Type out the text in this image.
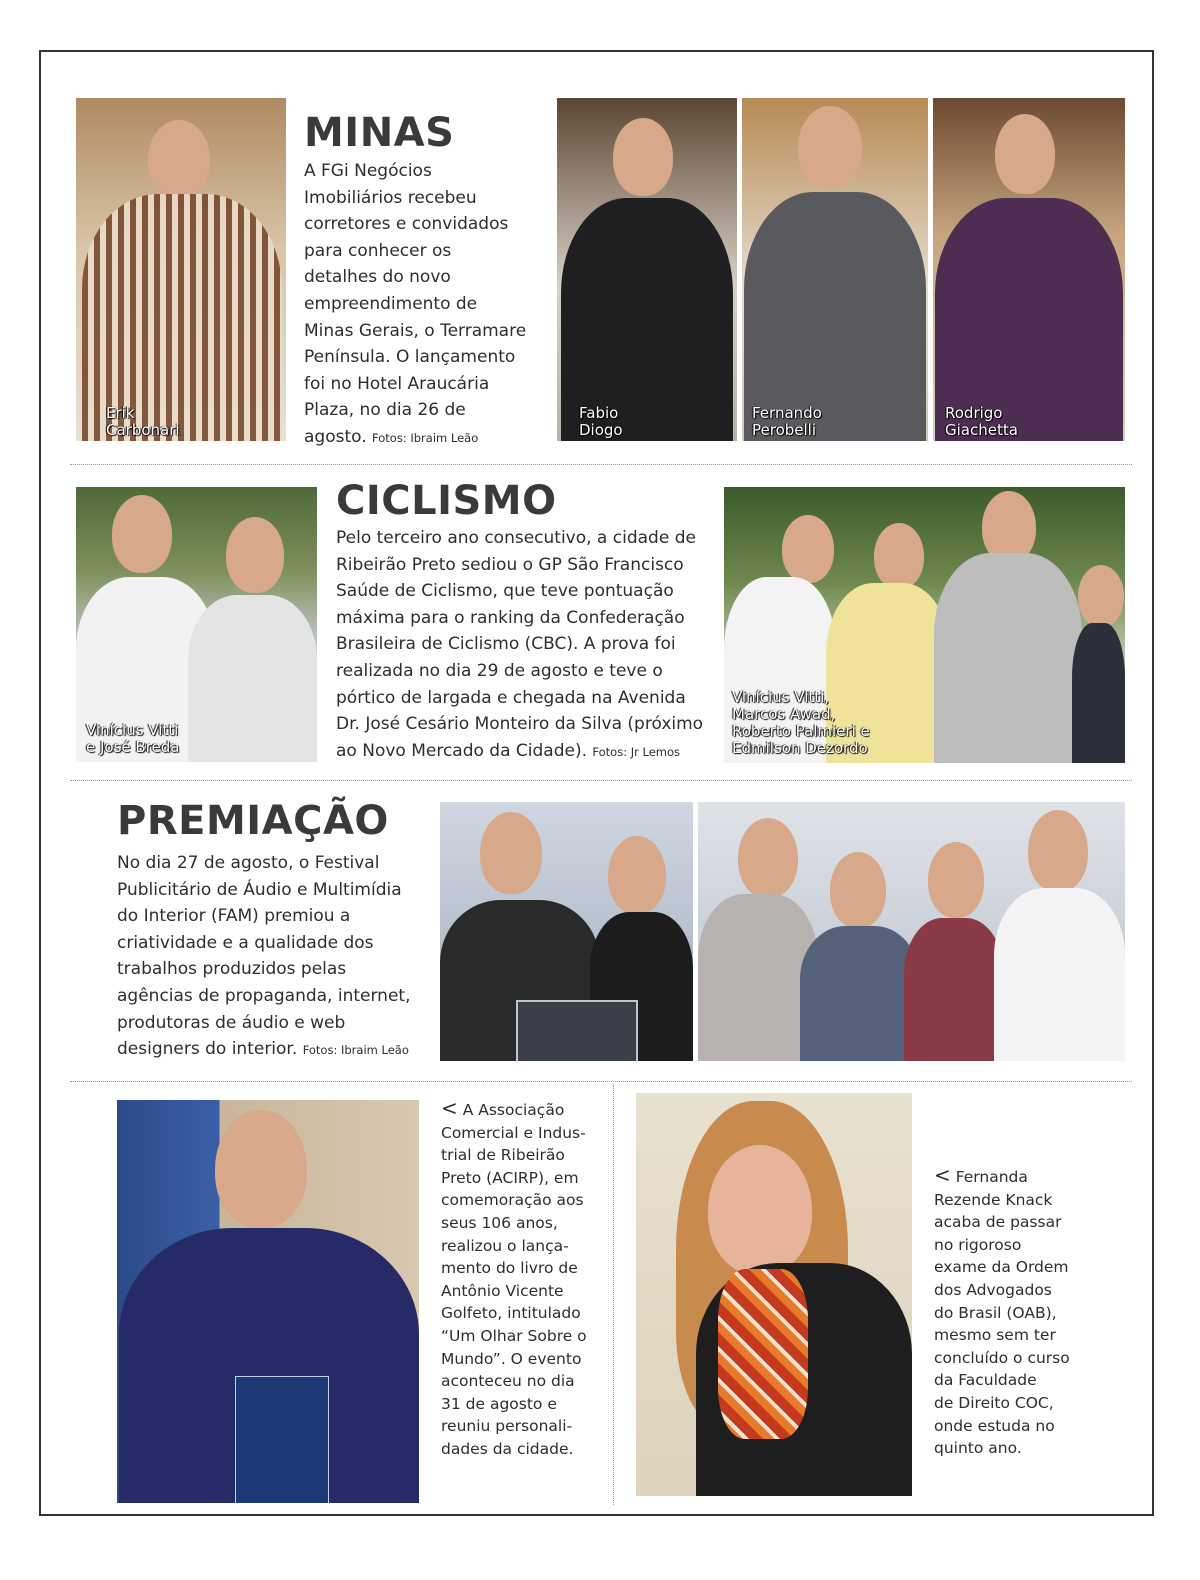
Erik
Carbonari
MINAS

A FGi Negócios Imobiliários recebeu corretores e convidados para conhecer os detalhes do novo empreendimento de Minas Gerais, o Terramare Península. O lançamento foi no Hotel Araucária Plaza, no dia 26 de agosto. Fotos: Ibraim Leão

Fabio
Diogo
Fernando
Perobelli
Rodrigo
Giachetta
Vinícius Vitti
e José Breda
CICLISMO

Pelo terceiro ano consecutivo, a cidade de Ribeirão Preto sediou o GP São Francisco Saúde de Ciclismo, que teve pontuação máxima para o ranking da Confederação Brasileira de Ciclismo (CBC). A prova foi realizada no dia 29 de agosto e teve o pórtico de largada e chegada na Avenida Dr. José Cesário Monteiro da Silva (próximo ao Novo Mercado da Cidade). Fotos: Jr Lemos

Vinícius Vitti,
Marcos Awad,
Roberto Palmieri e
Edmilson Dezordo
PREMIAÇÃO

No dia 27 de agosto, o Festival Publicitário de Áudio e Multimídia do Interior (FAM) premiou a criatividade e a qualidade dos trabalhos produzidos pelas agências de propaganda, internet, produtoras de áudio e web designers do interior. Fotos: Ibraim Leão

< A Associação
Comercial e Indus-
trial de Ribeirão
Preto (ACIRP), em
comemoração aos
seus 106 anos,
realizou o lança-
mento do livro de
Antônio Vicente
Golfeto, intitulado
“Um Olhar Sobre o
Mundo”. O evento
aconteceu no dia
31 de agosto e
reuniu personali-
dades da cidade.

< Fernanda
Rezende Knack
acaba de passar
no rigoroso
exame da Ordem
dos Advogados
do Brasil (OAB),
mesmo sem ter
concluído o curso
da Faculdade
de Direito COC,
onde estuda no
quinto ano.
